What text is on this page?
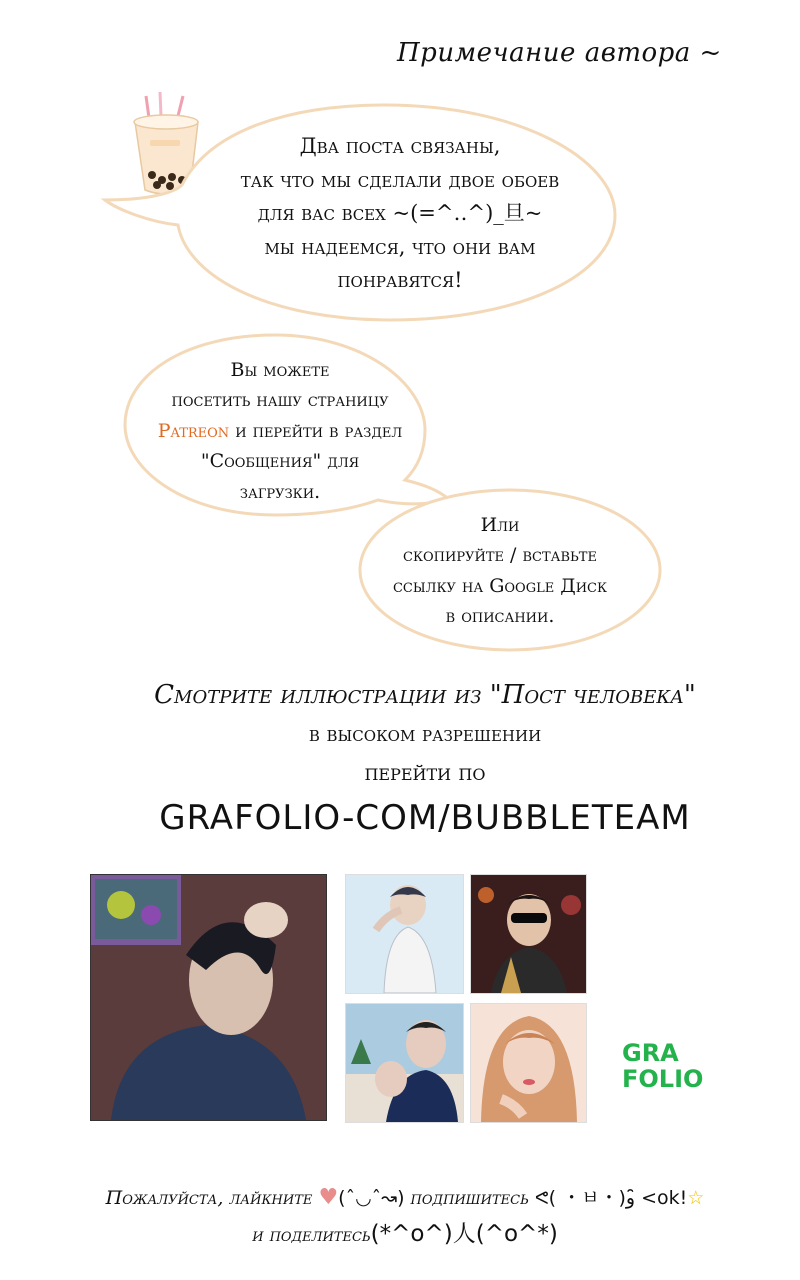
Примечание автора ~
Два поста связаны,
так что мы сделали двое обоев
для вас всех ~(=^‥^)_旦~
мы надеемся, что они вам
понравятся!
Вы можете
посетить нашу страницу
Patreon и перейти в раздел
"Сообщения" для
загрузки.
Или
скопируйте / вставьте
ссылку на Google Диск
в описании.
Смотрите иллюстрации из "Пост человека"
в высоком разрешении
перейти по
GRAFOLIO-COM/BUBBLETEAM
GRA
FOLIO
Пожалуйста, лайкните ♥(ˆ◡ˆ↝) подпишитесь ᕙ( ・ㅂ・)و ̑̑<ok!☆
и поделитесь(*^o^)人(^o^*)
